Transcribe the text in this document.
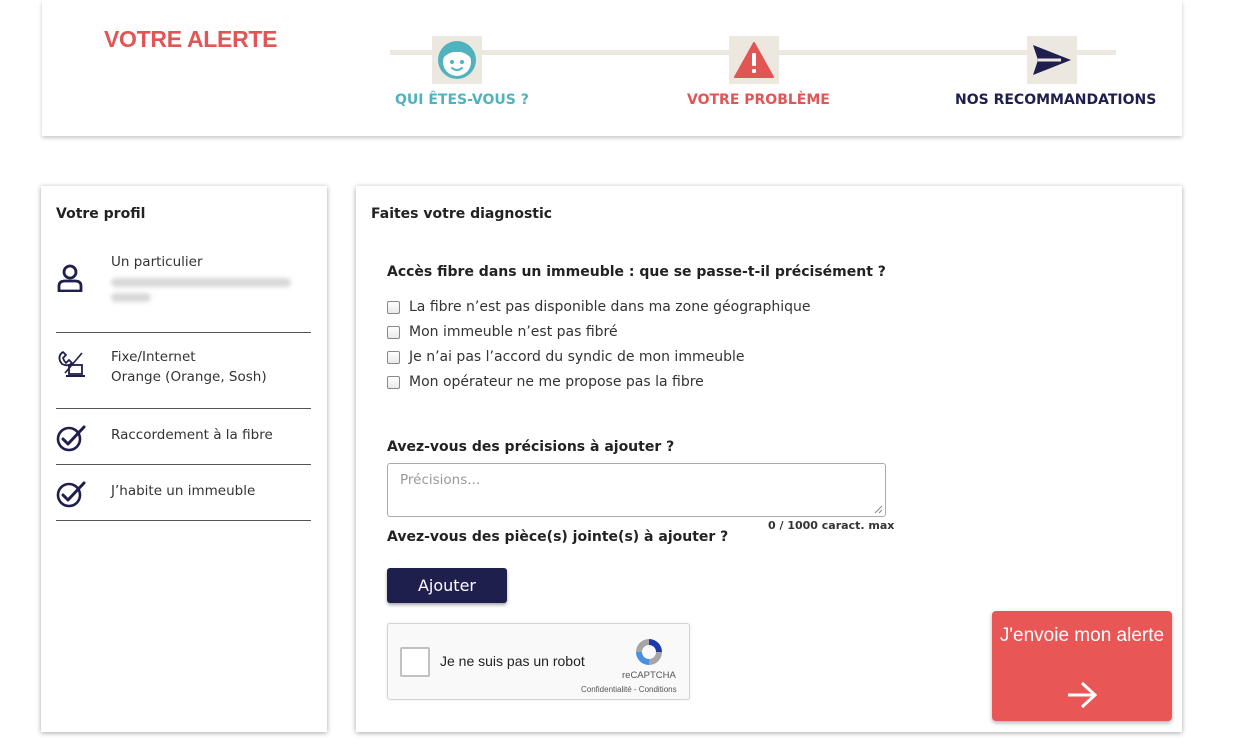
VOTRE ALERTE
QUI ÊTES-VOUS ?	VOTRE PROBLÈME	NOS RECOMMANDATIONS
Votre profil
Un particulier
Fixe/Internet
Orange (Orange, Sosh)
Raccordement à la fibre
J’habite un immeuble
Faites votre diagnostic
Accès fibre dans un immeuble : que se passe-t-il précisément ?
La fibre n’est pas disponible dans ma zone géographique
Mon immeuble n’est pas fibré
Je n’ai pas l’accord du syndic de mon immeuble
Mon opérateur ne me propose pas la fibre
Avez-vous des précisions à ajouter ?
Précisions...
0 / 1000 caract. max
Avez-vous des pièce(s) jointe(s) à ajouter ?
Ajouter
Je ne suis pas un robot
reCAPTCHA
Confidentialité - Conditions
J'envoie mon alerte
